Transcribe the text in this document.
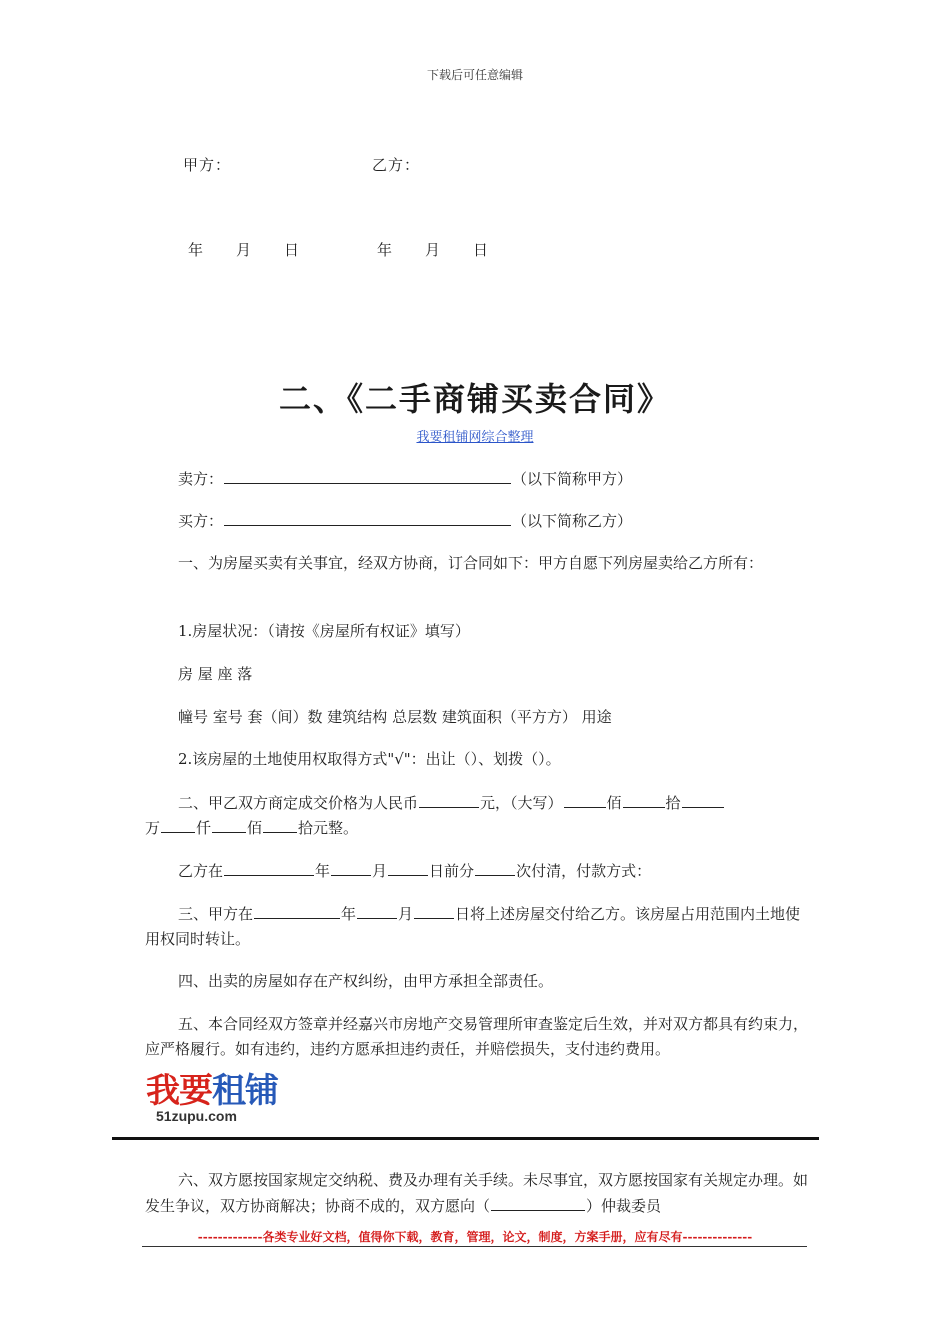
下载后可任意编辑
甲方：	乙方：
年　　月　　日	年　　月　　日
二、《二手商铺买卖合同》
我要租铺网综合整理
卖方：	（以下简称甲方）
买方：	（以下简称乙方）
一、为房屋买卖有关事宜，经双方协商，订合同如下：甲方自愿下列房屋卖给乙方所有：
1.房屋状况：（请按《房屋所有权证》填写）
房 屋 座 落
幢号 室号 套（间）数 建筑结构 总层数 建筑面积（平方方） 用途
2.该房屋的土地使用权取得方式"√"：出让（）、划拨（）。
二、甲乙双方商定成交价格为人民币	元，（大写）	佰	拾
万 仟 佰 拾元整。
乙方在	年	月	日前分	次付清，付款方式：
三、甲方在	年	月	日将上述房屋交付给乙方。该房屋占用范围内土地使用权同时转让。
四、出卖的房屋如存在产权纠纷，由甲方承担全部责任。
五、本合同经双方签章并经嘉兴市房地产交易管理所审查鉴定后生效，并对双方都具有约束力，应严格履行。如有违约，违约方愿承担违约责任，并赔偿损失，支付违约费用。
我要租铺
51zupu.com
六、双方愿按国家规定交纳税、费及办理有关手续。未尽事宜，双方愿按国家有关规定办理。如发生争议，双方协商解决；协商不成的，双方愿向（	）仲裁委员
-------------各类专业好文档，值得你下载，教育，管理，论文，制度，方案手册，应有尽有--------------
